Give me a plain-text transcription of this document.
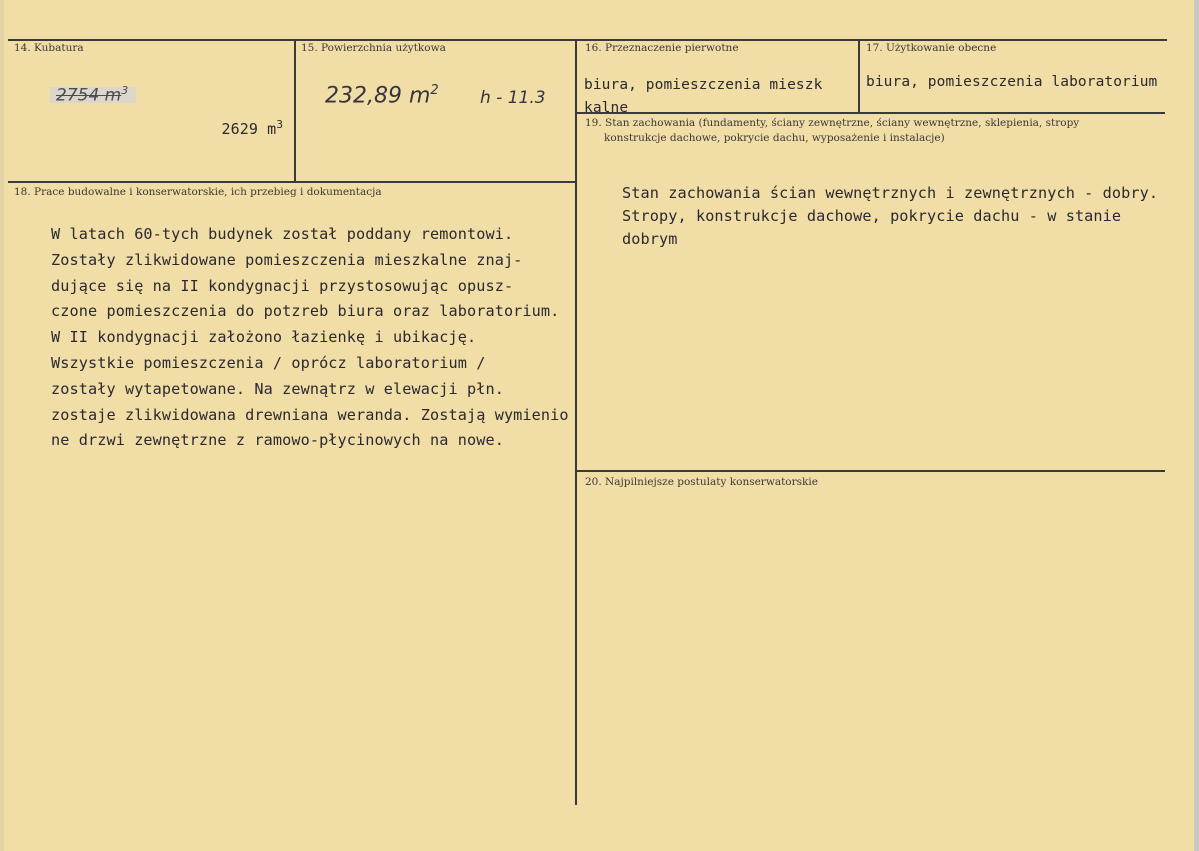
14. Kubatura
2754 $m^3$

2629 $m^3$

15. Powierzchnia użytkowa
232,89 $m^2$ h - 11.3
16. Przeznaczenie pierwotne
biura, pomieszczenia mieszk
kalne
17. Użytkowanie obecne
biura, pomieszczenia laboratorium
18. Prace budowalne i konserwatorskie, ich przebieg i dokumentacja
W latach 60-tych budynek został poddany remontowi.
Zostały zlikwidowane pomieszczenia mieszkalne znaj-
dujące się na II kondygnacji przystosowując opusz-
czone pomieszczenia do potzreb biura oraz laboratorium.
W II kondygnacji założono łazienkę i ubikację.
Wszystkie pomieszczenia / oprócz laboratorium /
zostały wytapetowane. Na zewnątrz w elewacji płn.
zostaje zlikwidowana drewniana weranda. Zostają wymienio
ne drzwi zewnętrzne z ramowo-płycinowych na nowe.
19. Stan zachowania (fundamenty, ściany zewnętrzne, ściany wewnętrzne, sklepienia, stropy
konstrukcje dachowe, pokrycie dachu, wyposażenie i instalacje)
Stan zachowania ścian wewnętrznych i zewnętrznych - dobry.
Stropy, konstrukcje dachowe, pokrycie dachu - w stanie
dobrym
20. Najpilniejsze postulaty konserwatorskie
